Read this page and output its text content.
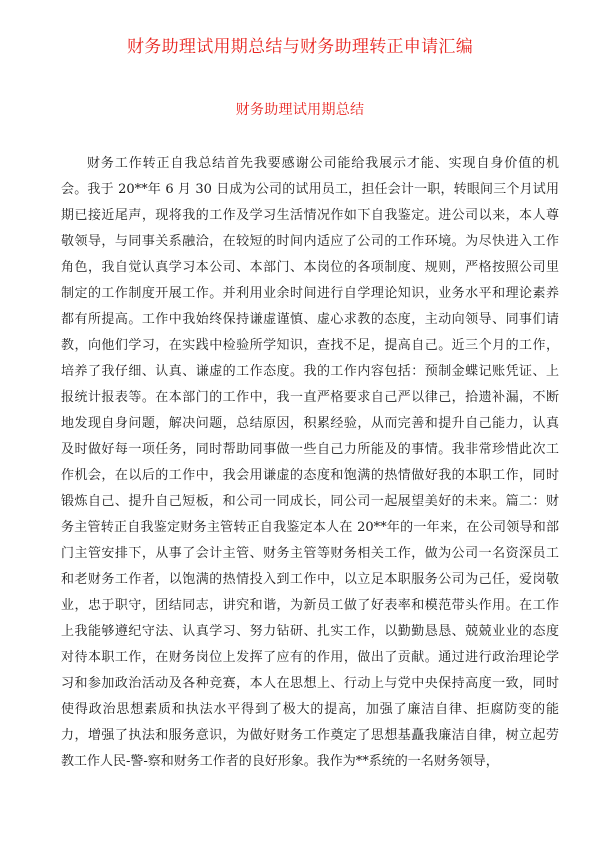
财务助理试用期总结与财务助理转正申请汇编
财务助理试用期总结

财务工作转正自我总结首先我要感谢公司能给我展示才能、实现自身价值的机 会。我于 20**年 6 月 30 日成为公司的试用员工，担任会计一职，转眼间三个月试用 期已接近尾声，现将我的工作及学习生活情况作如下自我鉴定。进公司以来，本人尊 敬领导，与同事关系融洽，在较短的时间内适应了公司的工作环境。为尽快进入工作 角色，我自觉认真学习本公司、本部门、本岗位的各项制度、规则，严格按照公司里 制定的工作制度开展工作。并利用业余时间进行自学理论知识，业务水平和理论素养 都有所提高。工作中我始终保持谦虚谨慎、虚心求教的态度，主动向领导、同事们请 教，向他们学习，在实践中检验所学知识，查找不足，提高自己。近三个月的工作， 培养了我仔细、认真、谦虚的工作态度。我的工作内容包括：预制金蝶记账凭证、上 报统计报表等。在本部门的工作中，我一直严格要求自己严以律己，拾遗补漏，不断 地发现自身问题，解决问题，总结原因，积累经验，从而完善和提升自己能力，认真 及时做好每一项任务，同时帮助同事做一些自己力所能及的事情。我非常珍惜此次工 作机会，在以后的工作中，我会用谦虚的态度和饱满的热情做好我的本职工作，同时 锻炼自己、提升自己短板，和公司一同成长，同公司一起展望美好的未来。篇二：财 务主管转正自我鉴定财务主管转正自我鉴定本人在 20**年的一年来，在公司领导和部 门主管安排下，从事了会计主管、财务主管等财务相关工作，做为公司一名资深员工 和老财务工作者，以饱满的热情投入到工作中，以立足本职服务公司为己任，爱岗敬 业，忠于职守，团结同志，讲究和谐，为新员工做了好表率和模范带头作用。在工作 上我能够遵纪守法、认真学习、努力钻研、扎实工作，以勤勤恳恳、兢兢业业的态度 对待本职工作，在财务岗位上发挥了应有的作用，做出了贡献。通过进行政治理论学 习和参加政治活动及各种竞赛，本人在思想上、行动上与党中央保持高度一致，同时 使得政治思想素质和执法水平得到了极大的提高，加强了廉洁自律、拒腐防变的能 力，增强了执法和服务意识，为做好财务工作奠定了思想基矗我廉洁自律，树立起劳 教工作人民-警-察和财务工作者的良好形象。我作为**系统的一名财务领导，
